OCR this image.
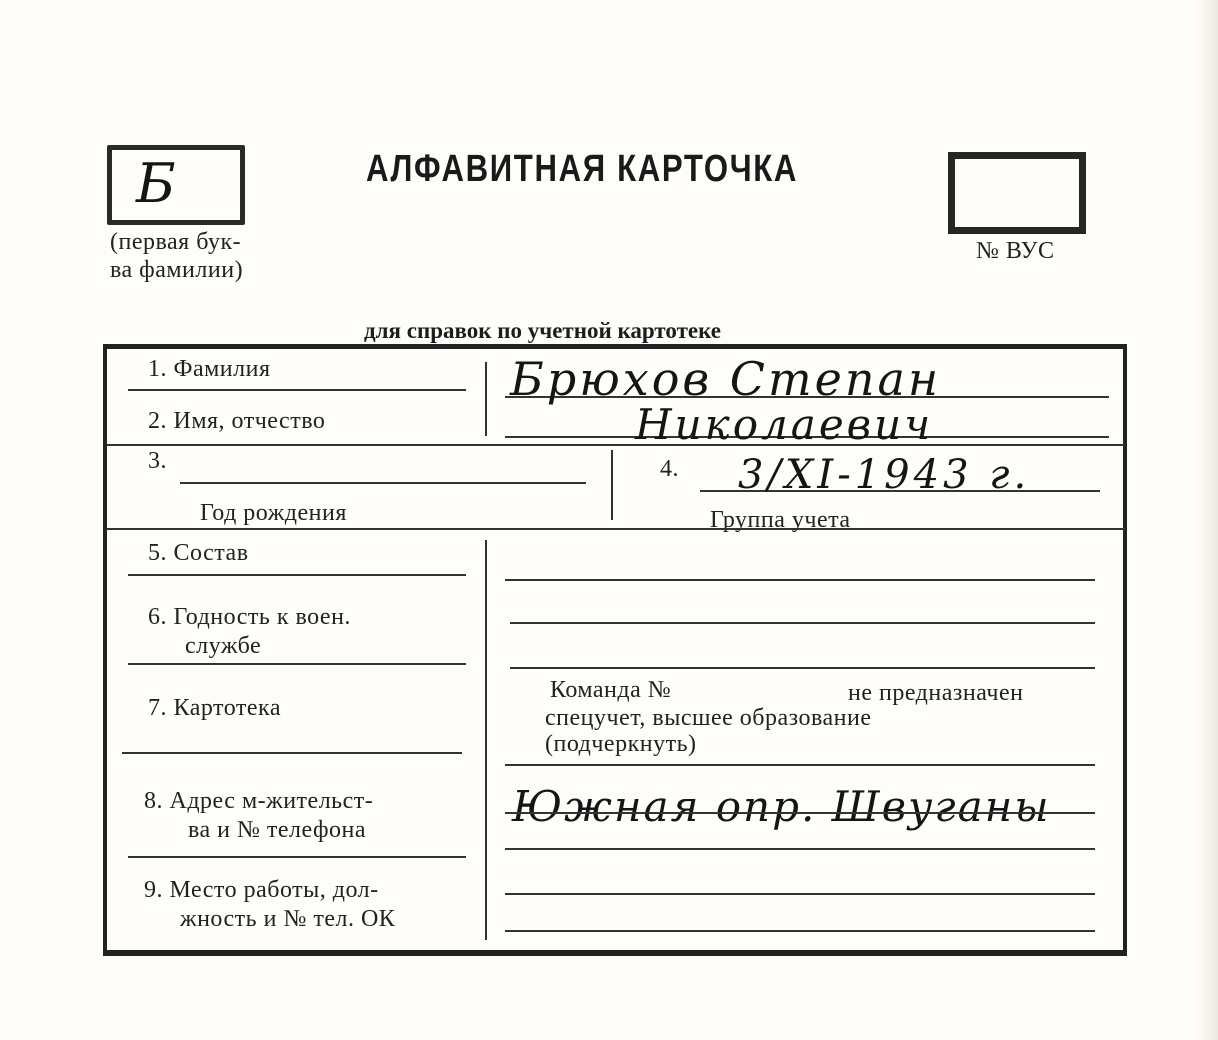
Б
(первая бук-
ва фамилии)
АЛФАВИТНАЯ КАРТОЧКА
№ ВУС
для справок по учетной картотеке
1. Фамилия	Брюхов Степан
2. Имя, отчество	Николаевич
3.
Год рождения
4. 3/XI-1943 г.
Группа учета
5. Состав
6. Годность к воен.
службе
7. Картотека
Команда №	не предназначен
спецучет, высшее образование
(подчеркнуть)
8. Адрес м-жительст-
ва и № телефона	Южная опр. Швуганы
9. Место работы, дол-
жность и № тел. ОК
